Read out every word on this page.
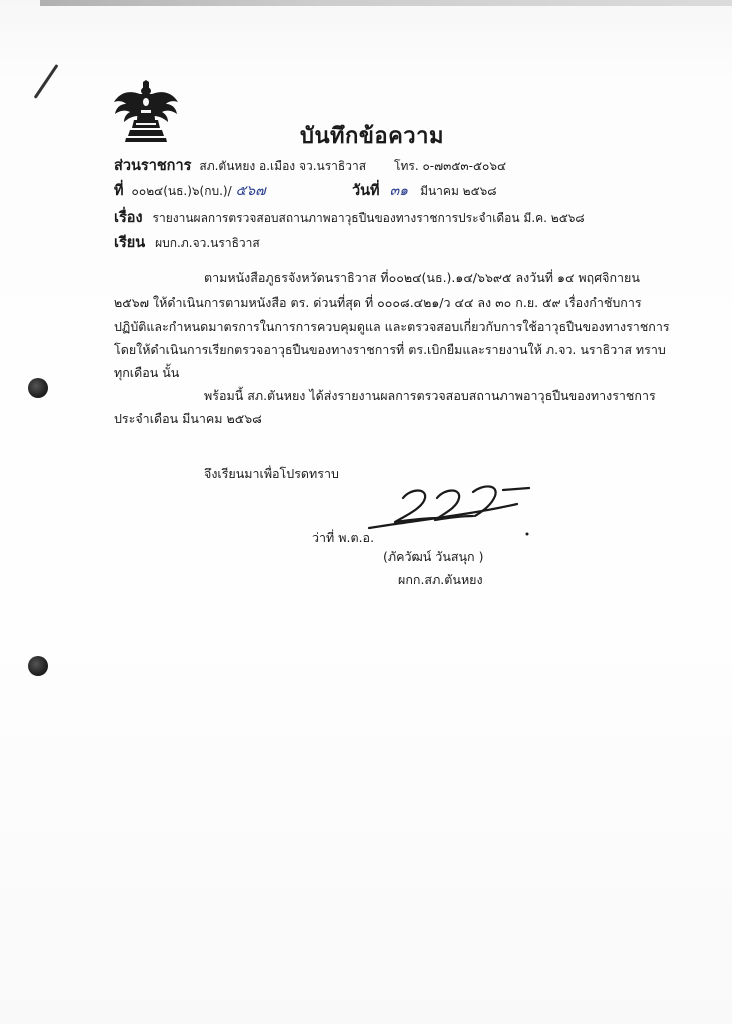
บันทึกข้อความ
ส่วนราชการ สภ.ตันหยง อ.เมือง จว.นราธิวาส โทร. ๐-๗๓๕๓-๕๐๖๔
ที่ ๐๐๒๔(นธ.)๖(กบ.)/ ๕๖๗	วันที่ ๓๑ มีนาคม ๒๕๖๘
เรื่อง รายงานผลการตรวจสอบสถานภาพอาวุธปืนของทางราชการประจำเดือน มี.ค. ๒๕๖๘
เรียน ผบก.ภ.จว.นราธิวาส
ตามหนังสือภูธรจังหวัดนราธิวาส ที่๐๐๒๔(นธ.).๑๔/๖๖๙๕ ลงวันที่ ๑๔ พฤศจิกายน
๒๕๖๗ ให้ดำเนินการตามหนังสือ ตร. ด่วนที่สุด ที่ ๐๐๐๘.๔๒๑/ว ๔๔ ลง ๓๐ ก.ย. ๕๙ เรื่องกำชับการ
ปฏิบัติและกำหนดมาตรการในการการควบคุมดูแล และตรวจสอบเกี่ยวกับการใช้อาวุธปืนของทางราชการ
โดยให้ดำเนินการเรียกตรวจอาวุธปืนของทางราชการที่ ตร.เบิกยืมและรายงานให้ ภ.จว. นราธิวาส ทราบ
ทุกเดือน นั้น
พร้อมนี้ สภ.ตันหยง ได้ส่งรายงานผลการตรวจสอบสถานภาพอาวุธปืนของทางราชการ
ประจำเดือน มีนาคม ๒๕๖๘
จึงเรียนมาเพื่อโปรดทราบ
ว่าที่ พ.ต.อ.
(ภัควัฒน์ วันสนุก )
ผกก.สภ.ตันหยง
